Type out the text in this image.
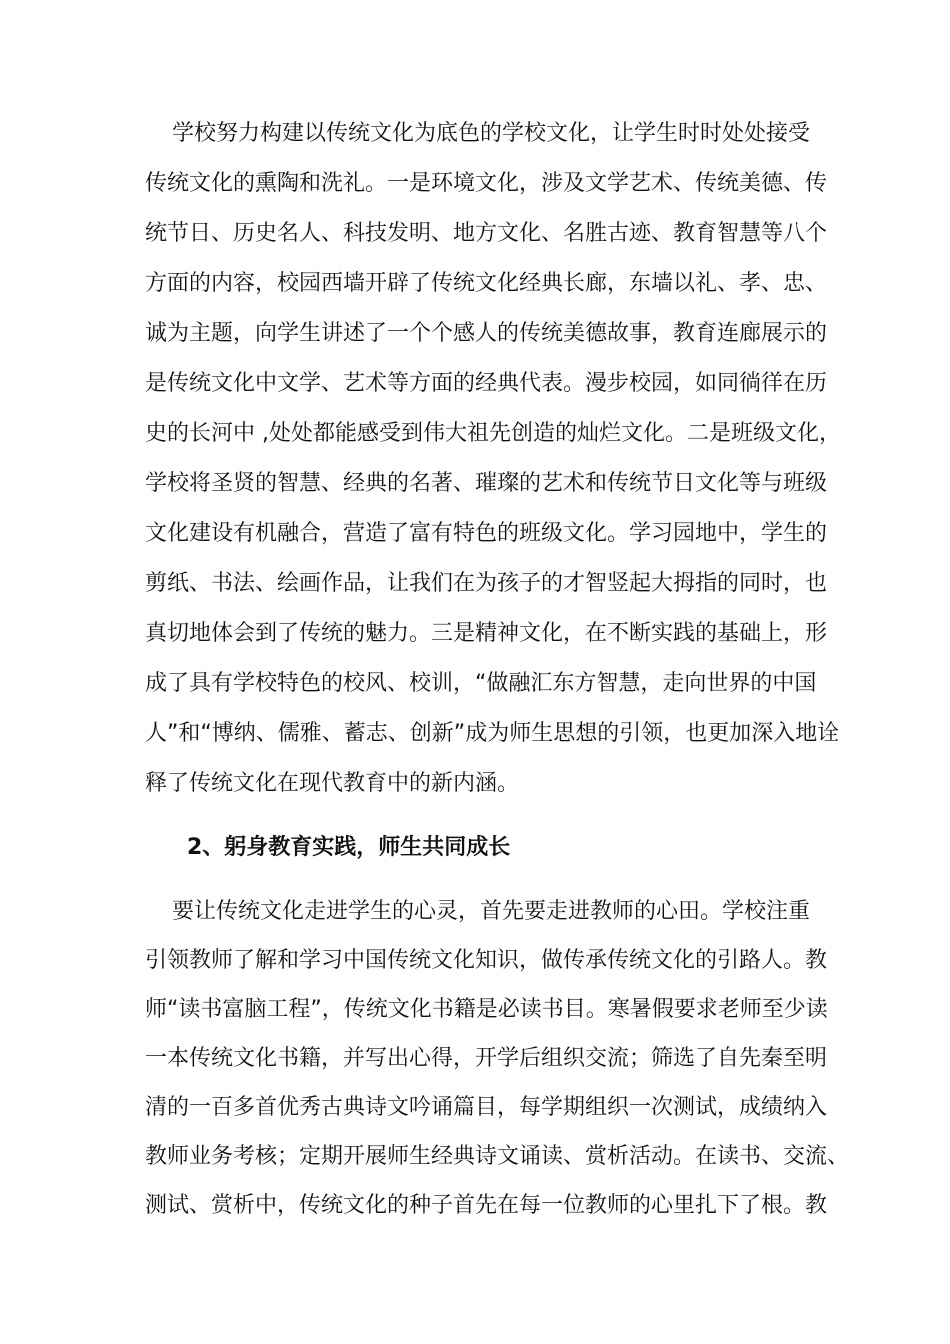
学校努力构建以传统文化为底色的学校文化，让学生时时处处接受
传统文化的熏陶和洗礼。一是环境文化，涉及文学艺术、传统美德、传
统节日、历史名人、科技发明、地方文化、名胜古迹、教育智慧等八个
方面的内容，校园西墙开辟了传统文化经典长廊，东墙以礼、孝、忠、
诚为主题，向学生讲述了一个个感人的传统美德故事，教育连廊展示的
是传统文化中文学、艺术等方面的经典代表。漫步校园，如同徜徉在历
史的长河中 ,处处都能感受到伟大祖先创造的灿烂文化。二是班级文化，
学校将圣贤的智慧、经典的名著、璀璨的艺术和传统节日文化等与班级
文化建设有机融合，营造了富有特色的班级文化。学习园地中，学生的
剪纸、书法、绘画作品，让我们在为孩子的才智竖起大拇指的同时，也
真切地体会到了传统的魅力。三是精神文化，在不断实践的基础上，形
成了具有学校特色的校风、校训，“做融汇东方智慧，走向世界的中国
人”和“博纳、儒雅、蓄志、创新”成为师生思想的引领，也更加深入地诠
释了传统文化在现代教育中的新内涵。
2、躬身教育实践，师生共同成长
要让传统文化走进学生的心灵，首先要走进教师的心田。学校注重
引领教师了解和学习中国传统文化知识，做传承传统文化的引路人。教
师“读书富脑工程”，传统文化书籍是必读书目。寒暑假要求老师至少读
一本传统文化书籍，并写出心得，开学后组织交流；筛选了自先秦至明
清的一百多首优秀古典诗文吟诵篇目，每学期组织一次测试，成绩纳入
教师业务考核；定期开展师生经典诗文诵读、赏析活动。在读书、交流、
测试、赏析中，传统文化的种子首先在每一位教师的心里扎下了根。教
